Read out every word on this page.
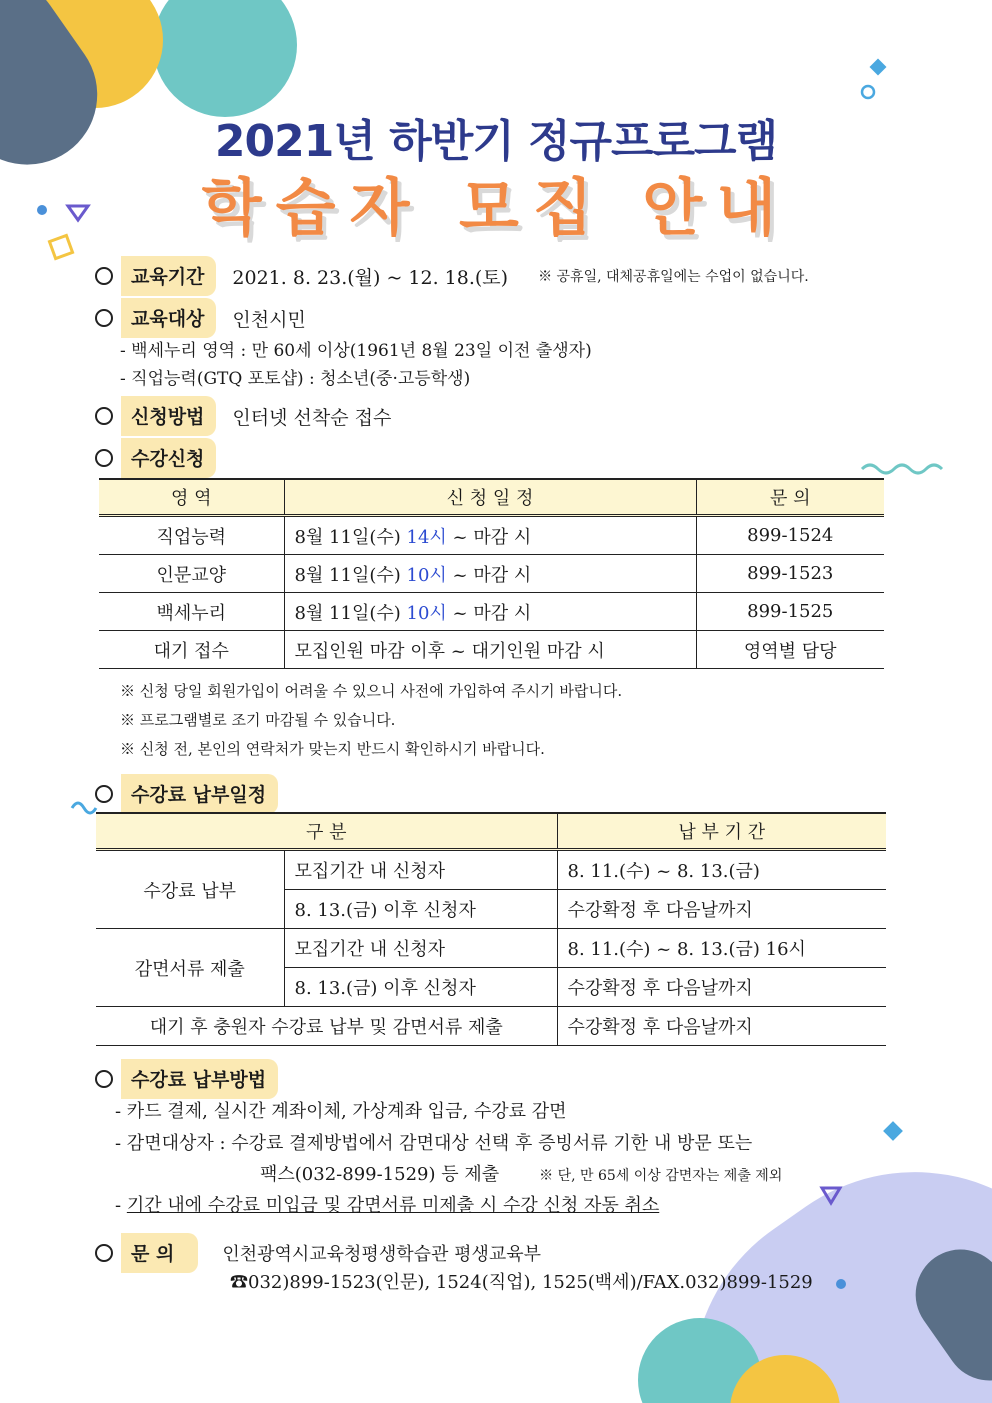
2021년 하반기 정규프로그램
학습자 모집 안내
교육기간	2021. 8. 23.(월) ~ 12. 18.(토) ※ 공휴일, 대체공휴일에는 수업이 없습니다.
교육대상	인천시민
- 백세누리 영역 : 만 60세 이상(1961년 8월 23일 이전 출생자)
- 직업능력(GTQ 포토샵) : 청소년(중·고등학생)
신청방법	인터넷 선착순 접수
수강신청
영 역	신 청 일 정	문 의
직업능력	8월 11일(수) 14시 ~ 마감 시	899-1524
인문교양	8월 11일(수) 10시 ~ 마감 시	899-1523
백세누리	8월 11일(수) 10시 ~ 마감 시	899-1525
대기 접수	모집인원 마감 이후 ~ 대기인원 마감 시	영역별 담당
※ 신청 당일 회원가입이 어려울 수 있으니 사전에 가입하여 주시기 바랍니다.
※ 프로그램별로 조기 마감될 수 있습니다.
※ 신청 전, 본인의 연락처가 맞는지 반드시 확인하시기 바랍니다.
수강료 납부일정
구 분		납 부 기 간
수강료 납부	모집기간 내 신청자	8. 11.(수) ~ 8. 13.(금)
	8. 13.(금) 이후 신청자	수강확정 후 다음날까지
감면서류 제출	모집기간 내 신청자	8. 11.(수) ~ 8. 13.(금) 16시
	8. 13.(금) 이후 신청자	수강확정 후 다음날까지
대기 후 충원자 수강료 납부 및 감면서류 제출		수강확정 후 다음날까지
수강료 납부방법
- 카드 결제, 실시간 계좌이체, 가상계좌 입금, 수강료 감면
- 감면대상자 : 수강료 결제방법에서 감면대상 선택 후 증빙서류 기한 내 방문 또는
팩스(032-899-1529) 등 제출	※ 단, 만 65세 이상 감면자는 제출 제외
- 기간 내에 수강료 미입금 및 감면서류 미제출 시 수강 신청 자동 취소
문 의	인천광역시교육청평생학습관 평생교육부
☎032)899-1523(인문), 1524(직업), 1525(백세)/FAX.032)899-1529
